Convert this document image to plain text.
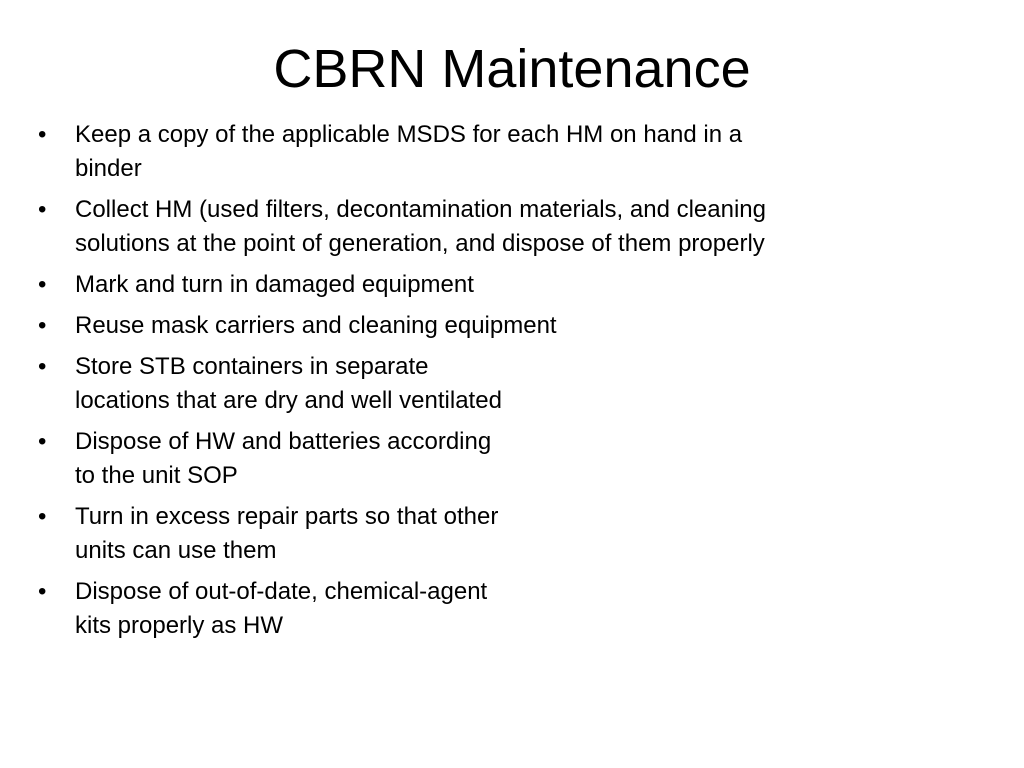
CBRN Maintenance
•	Keep a copy of the applicable MSDS for each HM on hand in a
binder
•	Collect HM (used filters, decontamination materials, and cleaning
solutions at the point of generation, and dispose of them properly
•	Mark and turn in damaged equipment
•	Reuse mask carriers and cleaning equipment
•	Store STB containers in separate
locations that are dry and well ventilated
•	Dispose of HW and batteries according
to the unit SOP
•	Turn in excess repair parts so that other
units can use them
•	Dispose of out-of-date, chemical-agent
kits properly as HW
